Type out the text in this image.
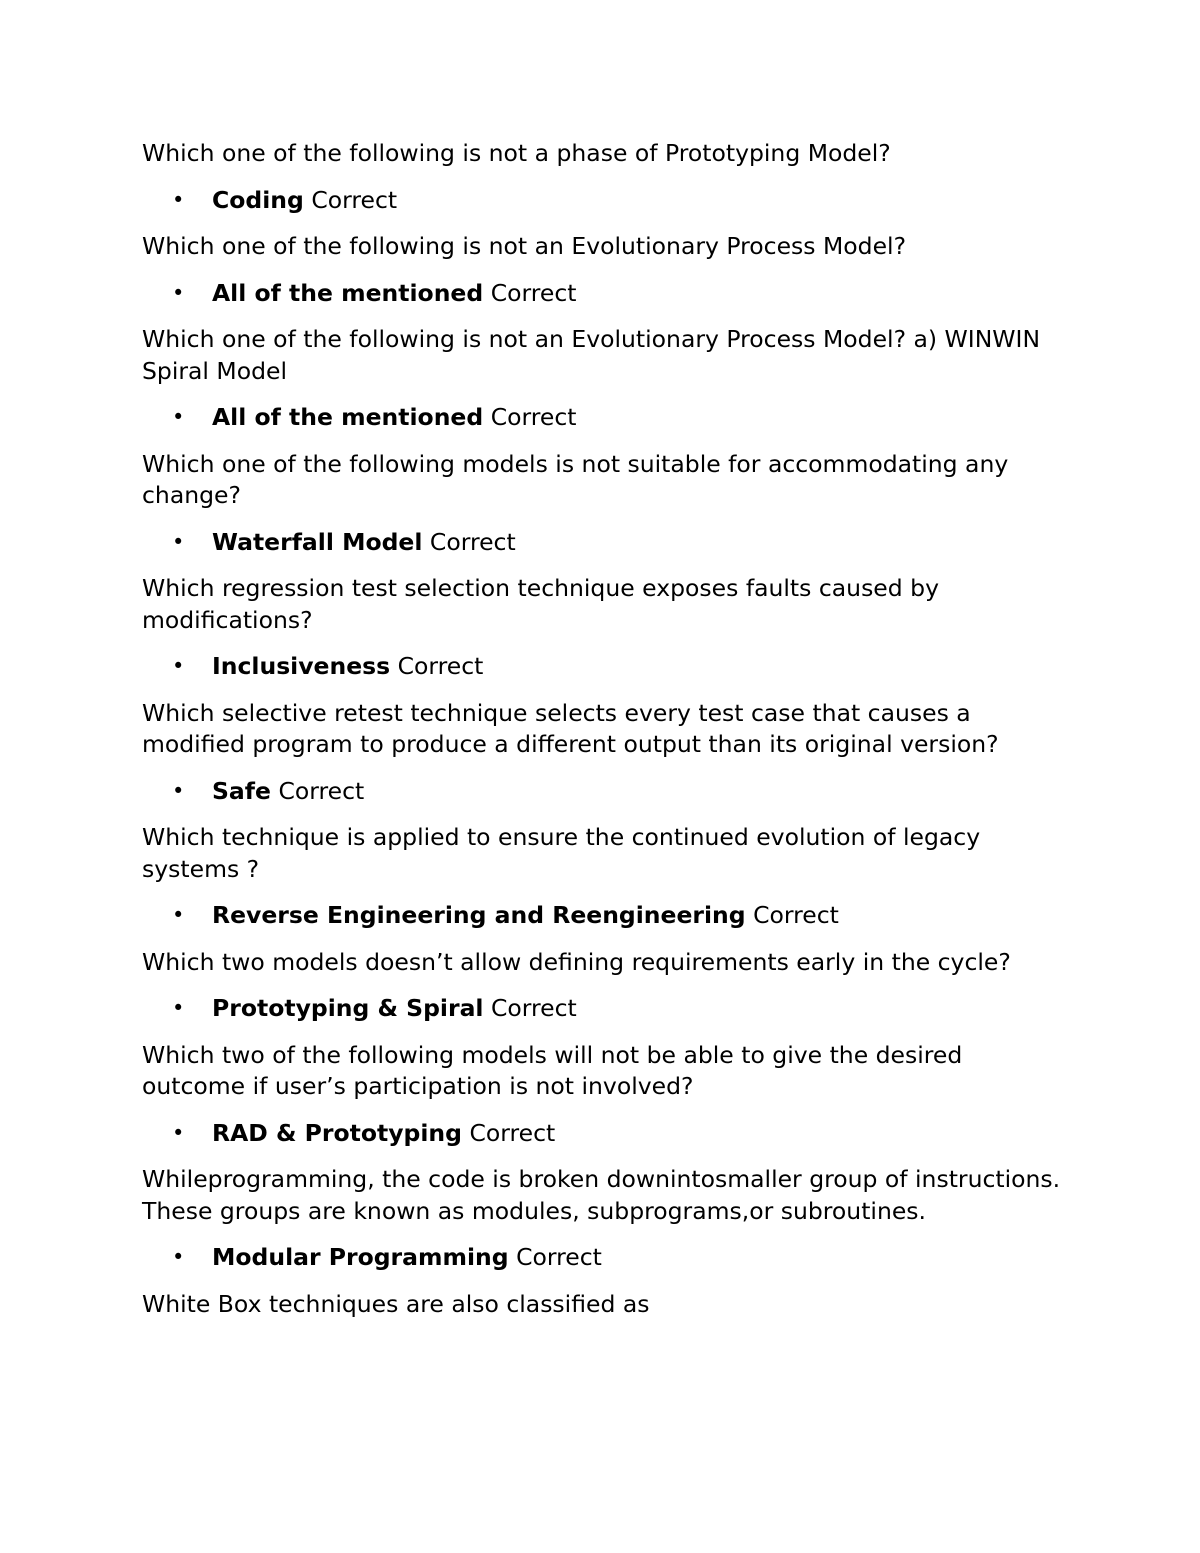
Which one of the following is not a phase of Prototyping Model?

• Coding Correct

Which one of the following is not an Evolutionary Process Model?

• All of the mentioned Correct

Which one of the following is not an Evolutionary Process Model? a) WINWIN Spiral Model

• All of the mentioned Correct

Which one of the following models is not suitable for accommodating any change?

• Waterfall Model Correct

Which regression test selection technique exposes faults caused by modifications?

• Inclusiveness Correct

Which selective retest technique selects every test case that causes a modified program to produce a different output than its original version?

• Safe Correct

Which technique is applied to ensure the continued evolution of legacy systems ?

• Reverse Engineering and Reengineering Correct

Which two models doesn’t allow defining requirements early in the cycle?

• Prototyping & Spiral Correct

Which two of the following models will not be able to give the desired outcome if user’s participation is not involved?

• RAD & Prototyping Correct

Whileprogramming, the code is broken downintosmaller group of instructions. These groups are known as modules, subprograms,or subroutines.

• Modular Programming Correct

White Box techniques are also classified as
